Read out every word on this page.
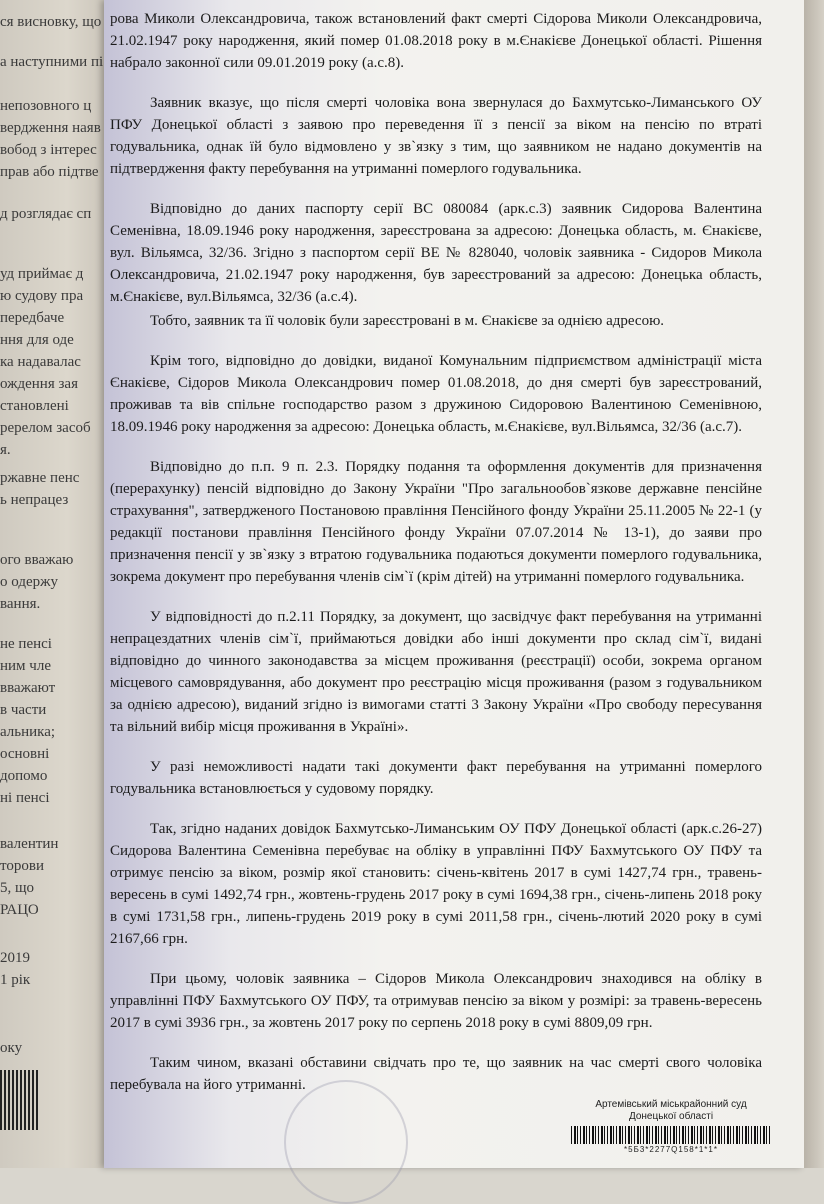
ся висновку, що
а наступними пі
непозовного ц
вердження наяв
вобод з інтерес
прав або підтве
д розглядає сп
уд приймає д
ю судову пра
передбаче
ння для оде
ка надавалас
ождення зая
становлені
ререлом засоб
я.
ржавне пенс
ь непрацез
ого вважаю
о одержу
вання.
не пенсі
ним чле
вважают
в части
альника;
основні
допомо
ні пенсі
валентин
торови
5, що
РАЦО
2019
1 рік
оку

рова Миколи Олександровича, також встановлений факт смерті Сідорова Миколи Олександровича, 21.02.1947 року народження, який помер 01.08.2018 року в м.Єнакієве Донецької області. Рішення набрало законної сили 09.01.2019 року (а.с.8).

Заявник вказує, що після смерті чоловіка вона звернулася до Бахмутсько-Лиманського ОУ ПФУ Донецької області з заявою про переведення її з пенсії за віком на пенсію по втраті годувальника, однак їй було відмовлено у зв`язку з тим, що заявником не надано документів на підтвердження факту перебування на утриманні померлого годувальника.

Відповідно до даних паспорту серії ВС 080084 (арк.с.3) заявник Сидорова Валентина Семенівна, 18.09.1946 року народження, зареєстрована за адресою: Донецька область, м. Єнакієве, вул. Вільямса, 32/36. Згідно з паспортом серії ВЕ № 828040, чоловік заявника - Сидоров Микола Олександровича, 21.02.1947 року народження, був зареєстрований за адресою: Донецька область, м.Єнакієве, вул.Вільямса, 32/36 (а.с.4).

Тобто, заявник та її чоловік були зареєстровані в м. Єнакієве за однією адресою.

Крім того, відповідно до довідки, виданої Комунальним підприємством адміністрації міста Єнакієве, Сідоров Микола Олександрович помер 01.08.2018, до дня смерті був зареєстрований, проживав та вів спільне господарство разом з дружиною Сидоровою Валентиною Семенівною, 18.09.1946 року народження за адресою: Донецька область, м.Єнакієве, вул.Вільямса, 32/36 (а.с.7).

Відповідно до п.п. 9 п. 2.3. Порядку подання та оформлення документів для призначення (перерахунку) пенсій відповідно до Закону України "Про загальнообов`язкове державне пенсійне страхування", затвердженого Постановою правління Пенсійного фонду України 25.11.2005 № 22-1 (у редакції постанови правління Пенсійного фонду України 07.07.2014 № 13-1), до заяви про призначення пенсії у зв`язку з втратою годувальника подаються документи померлого годувальника, зокрема документ про перебування членів сім`ї (крім дітей) на утриманні померлого годувальника.

У відповідності до п.2.11 Порядку, за документ, що засвідчує факт перебування на утриманні непрацездатних членів сім`ї, приймаються довідки або інші документи про склад сім`ї, видані відповідно до чинного законодавства за місцем проживання (реєстрації) особи, зокрема органом місцевого самоврядування, або документ про реєстрацію місця проживання (разом з годувальником за однією адресою), виданий згідно із вимогами статті 3 Закону України «Про свободу пересування та вільний вибір місця проживання в Україні».

У разі неможливості надати такі документи факт перебування на утриманні померлого годувальника встановлюється у судовому порядку.

Так, згідно наданих довідок Бахмутсько-Лиманським ОУ ПФУ Донецької області (арк.с.26-27) Сидорова Валентина Семенівна перебуває на обліку в управлінні ПФУ Бахмутського ОУ ПФУ та отримує пенсію за віком, розмір якої становить: січень-квітень 2017 в сумі 1427,74 грн., травень-вересень в сумі 1492,74 грн., жовтень-грудень 2017 року в сумі 1694,38 грн., січень-липень 2018 року в сумі 1731,58 грн., липень-грудень 2019 року в сумі 2011,58 грн., січень-лютий 2020 року в сумі 2167,66 грн.

При цьому, чоловік заявника – Сідоров Микола Олександрович знаходився на обліку в управлінні ПФУ Бахмутського ОУ ПФУ, та отримував пенсію за віком у розмірі: за травень-вересень 2017 в сумі 3936 грн., за жовтень 2017 року по серпень 2018 року в сумі 8809,09 грн.

Таким чином, вказані обставини свідчать про те, що заявник на час смерті свого чоловіка перебувала на його утриманні.

Артемівський міськрайонний суд
Донецької області
*5Б3*2277Q158*1*1*
